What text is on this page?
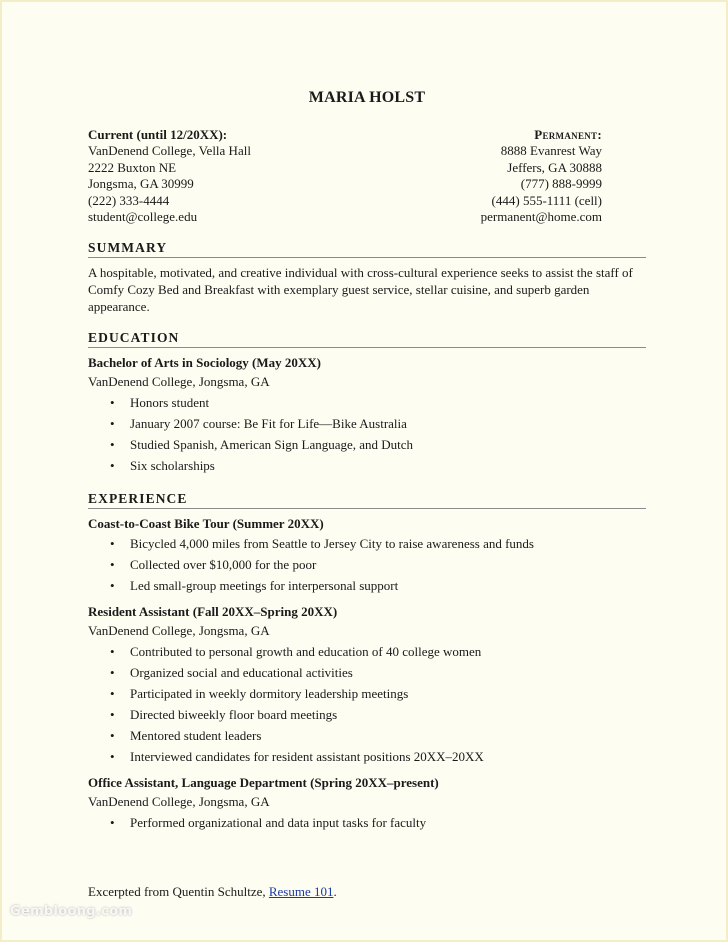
MARIA HOLST
Current (until 12/20XX):
VanDenend College, Vella Hall
2222 Buxton NE
Jongsma, GA 30999
(222) 333-4444
student@college.edu
Permanent:
8888 Evanrest Way
Jeffers, GA 30888
(777) 888-9999
(444) 555-1111 (cell)
permanent@home.com
SUMMARY
A hospitable, motivated, and creative individual with cross-cultural experience seeks to assist the staff of Comfy Cozy Bed and Breakfast with exemplary guest service, stellar cuisine, and superb garden appearance.
EDUCATION
Bachelor of Arts in Sociology (May 20XX)
VanDenend College, Jongsma, GA
• Honors student
• January 2007 course: Be Fit for Life—Bike Australia
• Studied Spanish, American Sign Language, and Dutch
• Six scholarships
EXPERIENCE
Coast-to-Coast Bike Tour (Summer 20XX)
• Bicycled 4,000 miles from Seattle to Jersey City to raise awareness and funds
• Collected over $10,000 for the poor
• Led small-group meetings for interpersonal support
Resident Assistant (Fall 20XX–Spring 20XX)
VanDenend College, Jongsma, GA
• Contributed to personal growth and education of 40 college women
• Organized social and educational activities
• Participated in weekly dormitory leadership meetings
• Directed biweekly floor board meetings
• Mentored student leaders
• Interviewed candidates for resident assistant positions 20XX–20XX
Office Assistant, Language Department (Spring 20XX–present)
VanDenend College, Jongsma, GA
• Performed organizational and data input tasks for faculty
Excerpted from Quentin Schultze, Resume 101.
Gembloong.com
